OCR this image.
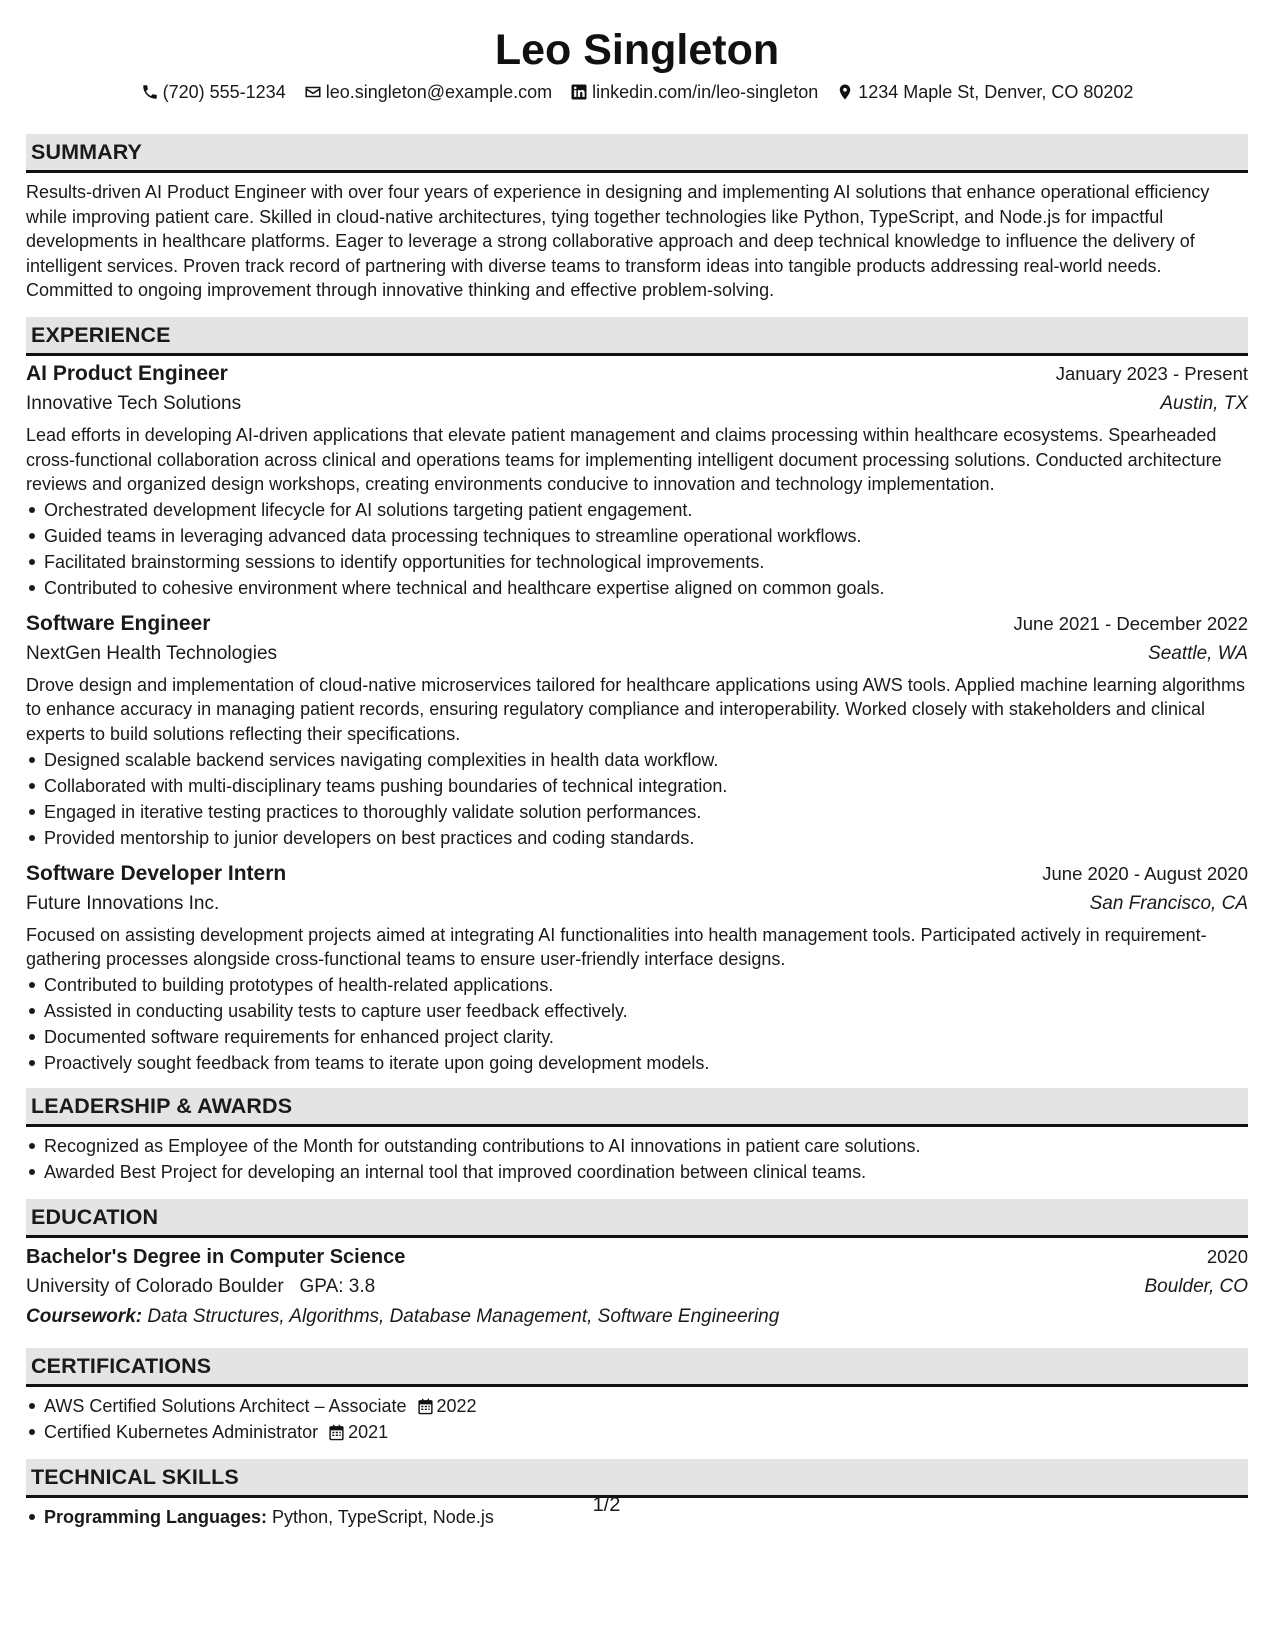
Leo Singleton
(720) 555-1234 leo.singleton@example.com linkedin.com/in/leo-singleton 1234 Maple St, Denver, CO 80202
SUMMARY
Results-driven AI Product Engineer with over four years of experience in designing and implementing AI solutions that enhance operational efficiency while improving patient care. Skilled in cloud-native architectures, tying together technologies like Python, TypeScript, and Node.js for impactful developments in healthcare platforms. Eager to leverage a strong collaborative approach and deep technical knowledge to influence the delivery of intelligent services. Proven track record of partnering with diverse teams to transform ideas into tangible products addressing real-world needs. Committed to ongoing improvement through innovative thinking and effective problem-solving.
EXPERIENCE
AI Product Engineer	January 2023 - Present
Innovative Tech Solutions	Austin, TX
Lead efforts in developing AI-driven applications that elevate patient management and claims processing within healthcare ecosystems. Spearheaded cross-functional collaboration across clinical and operations teams for implementing intelligent document processing solutions. Conducted architecture reviews and organized design workshops, creating environments conducive to innovation and technology implementation.
Orchestrated development lifecycle for AI solutions targeting patient engagement.
Guided teams in leveraging advanced data processing techniques to streamline operational workflows.
Facilitated brainstorming sessions to identify opportunities for technological improvements.
Contributed to cohesive environment where technical and healthcare expertise aligned on common goals.
Software Engineer	June 2021 - December 2022
NextGen Health Technologies	Seattle, WA
Drove design and implementation of cloud-native microservices tailored for healthcare applications using AWS tools. Applied machine learning algorithms to enhance accuracy in managing patient records, ensuring regulatory compliance and interoperability. Worked closely with stakeholders and clinical experts to build solutions reflecting their specifications.
Designed scalable backend services navigating complexities in health data workflow.
Collaborated with multi-disciplinary teams pushing boundaries of technical integration.
Engaged in iterative testing practices to thoroughly validate solution performances.
Provided mentorship to junior developers on best practices and coding standards.
Software Developer Intern	June 2020 - August 2020
Future Innovations Inc.	San Francisco, CA
Focused on assisting development projects aimed at integrating AI functionalities into health management tools. Participated actively in requirement-gathering processes alongside cross-functional teams to ensure user-friendly interface designs.
Contributed to building prototypes of health-related applications.
Assisted in conducting usability tests to capture user feedback effectively.
Documented software requirements for enhanced project clarity.
Proactively sought feedback from teams to iterate upon going development models.
LEADERSHIP & AWARDS
Recognized as Employee of the Month for outstanding contributions to AI innovations in patient care solutions.
Awarded Best Project for developing an internal tool that improved coordination between clinical teams.
EDUCATION
Bachelor's Degree in Computer Science	2020
University of Colorado Boulder GPA: 3.8	Boulder, CO
Coursework: Data Structures, Algorithms, Database Management, Software Engineering
CERTIFICATIONS
AWS Certified Solutions Architect – Associate 2022
Certified Kubernetes Administrator 2021
TECHNICAL SKILLS
Programming Languages: Python, TypeScript, Node.js
1/2
